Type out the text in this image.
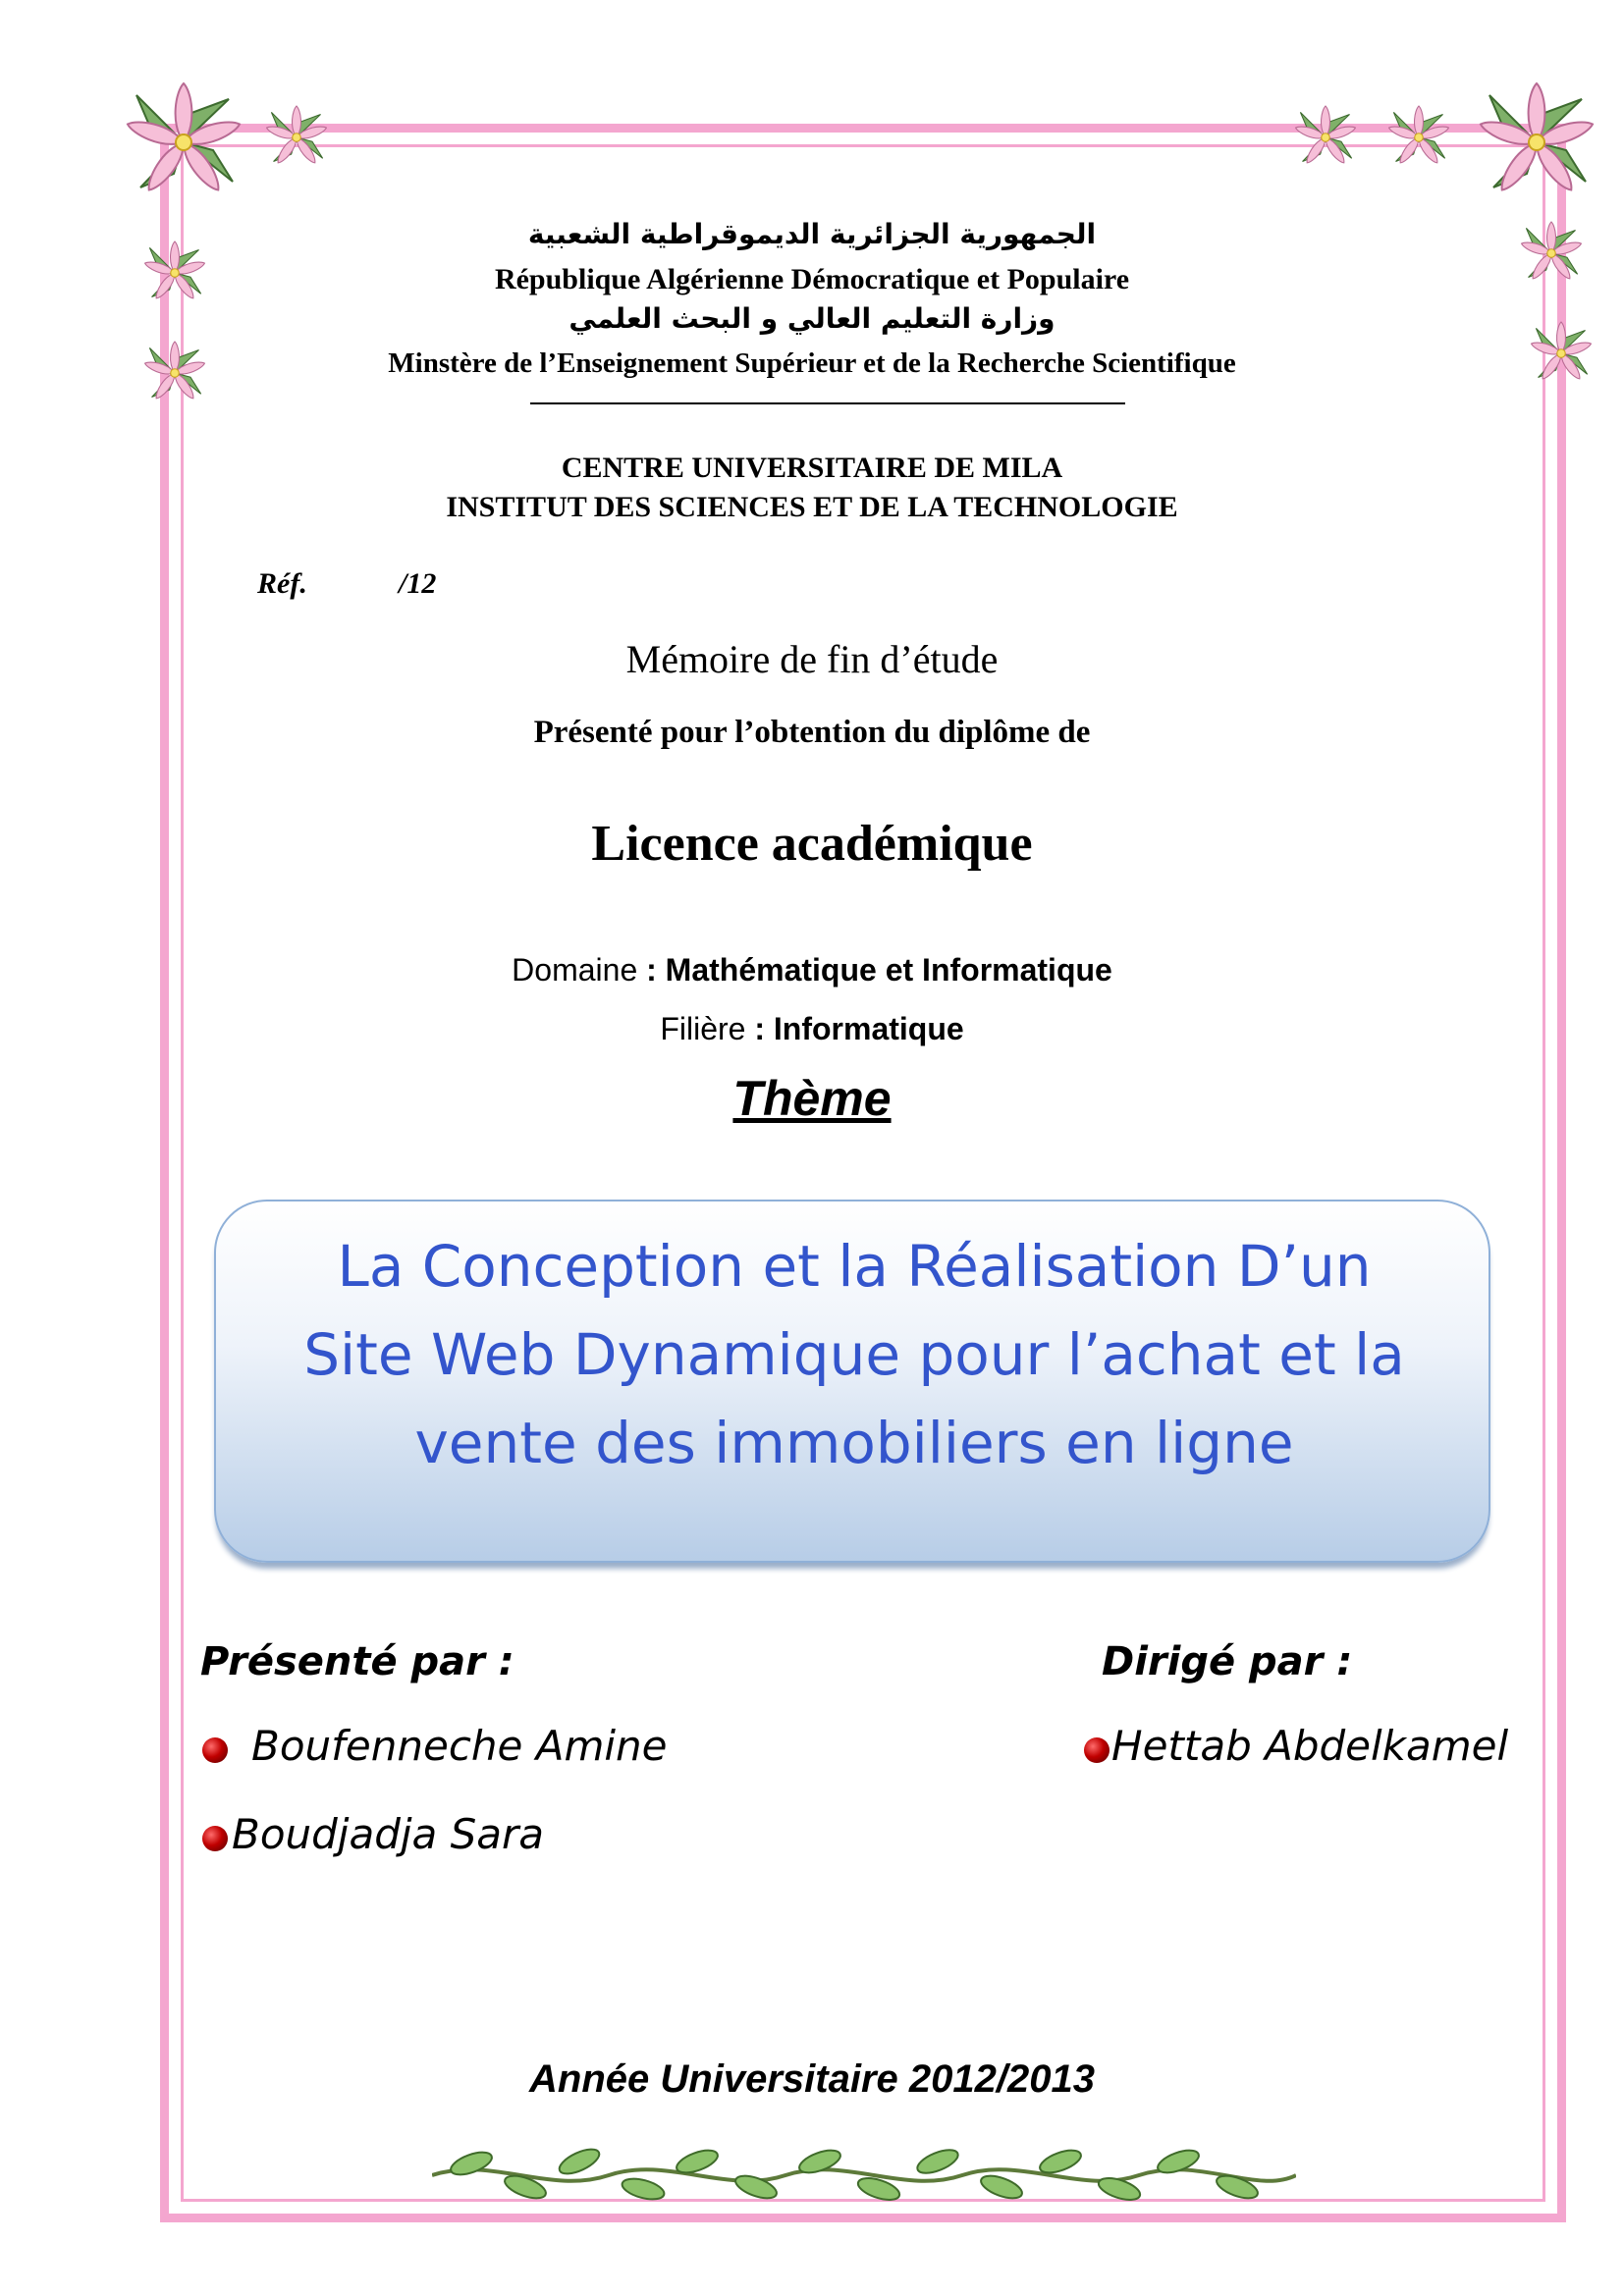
الجمهورية الجزائرية الديموقراطية الشعبية
République Algérienne Démocratique et Populaire
وزارة التعليم العالي و البحث العلمي
Minstère de l’Enseignement Supérieur et de la Recherche Scientifique
CENTRE UNIVERSITAIRE DE MILA
INSTITUT DES SCIENCES ET DE LA TECHNOLOGIE
Réf.	/12
Mémoire de fin d’étude
Présenté pour l’obtention du diplôme de
Licence académique
Domaine : Mathématique et Informatique
Filière : Informatique
Thème
La Conception et la Réalisation D’un
Site Web Dynamique pour l’achat et la
vente des immobiliers en ligne
Présenté par :	Dirigé par :
Boufenneche Amine	Hettab Abdelkamel
Boudjadja Sara
Année Universitaire 2012/2013
